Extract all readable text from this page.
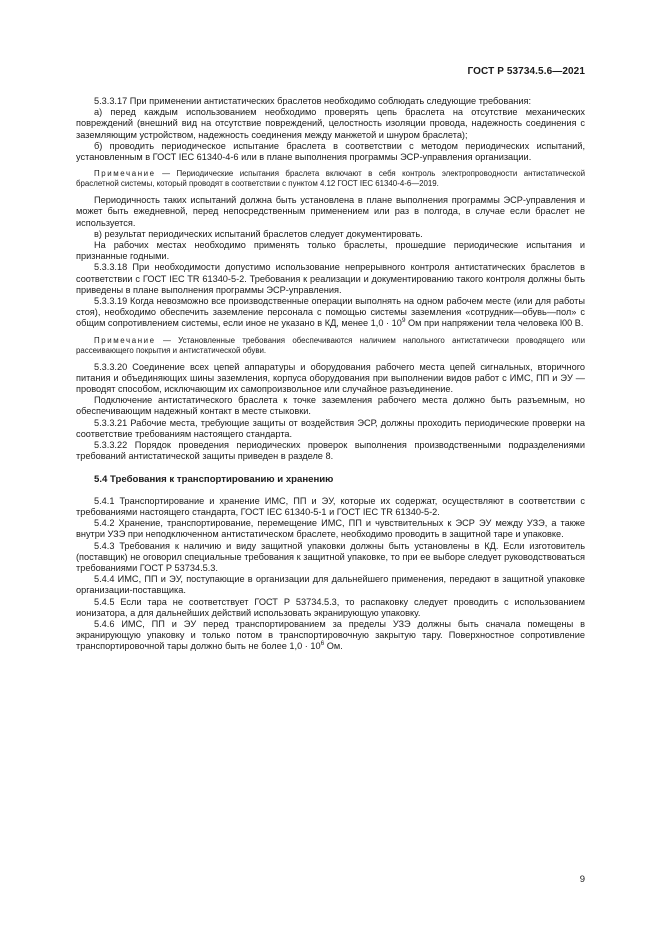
ГОСТ Р 53734.5.6—2021

5.3.3.17 При применении антистатических браслетов необходимо соблюдать следующие требования:

а) перед каждым использованием необходимо проверять цепь браслета на отсутствие механических повреждений (внешний вид на отсутствие повреждений, целостность изоляции провода, надежность соединения с заземляющим устройством, надежность соединения между манжетой и шнуром браслета);

б) проводить периодическое испытание браслета в соответствии с методом периодических испытаний, установленным в ГОСТ IEC 61340-4-6 или в плане выполнения программы ЭСР-управления организации.

Примечание — Периодические испытания браслета включают в себя контроль электропроводности антистатической браслетной системы, который проводят в соответствии с пунктом 4.12 ГОСТ IEC 61340-4-6—2019.

Периодичность таких испытаний должна быть установлена в плане выполнения программы ЭСР-управления и может быть ежедневной, перед непосредственным применением или раз в полгода, в случае если браслет не используется.

в) результат периодических испытаний браслетов следует документировать.

На рабочих местах необходимо применять только браслеты, прошедшие периодические испытания и признанные годными.

5.3.3.18 При необходимости допустимо использование непрерывного контроля антистатических браслетов в соответствии с ГОСТ IEC TR 61340-5-2. Требования к реализации и документированию такого контроля должны быть приведены в плане выполнения программы ЭСР-управления.

5.3.3.19 Когда невозможно все производственные операции выполнять на одном рабочем месте (или для работы стоя), необходимо обеспечить заземление персонала с помощью системы заземления «сотрудник—обувь—пол» с общим сопротивлением системы, если иное не указано в КД, менее $1,0 \cdot 10^9$ Ом при напряжении тела человека l00 В.

Примечание — Установленные требования обеспечиваются наличием напольного антистатически проводящего или рассеивающего покрытия и антистатической обуви.

5.3.3.20 Соединение всех цепей аппаратуры и оборудования рабочего места цепей сигнальных, вторичного питания и объединяющих шины заземления, корпуса оборудования при выполнении видов работ с ИМС, ПП и ЭУ — проводят способом, исключающим их самопроизвольное или случайное разъединение.

Подключение антистатического браслета к точке заземления рабочего места должно быть разъемным, но обеспечивающим надежный контакт в месте стыковки.

5.3.3.21 Рабочие места, требующие защиты от воздействия ЭСР, должны проходить периодические проверки на соответствие требованиям настоящего стандарта.

5.3.3.22 Порядок проведения периодических проверок выполнения производственными подразделениями требований антистатической защиты приведен в разделе 8.

5.4 Требования к транспортированию и хранению

5.4.1 Транспортирование и хранение ИМС, ПП и ЭУ, которые их содержат, осуществляют в соответствии с требованиями настоящего стандарта, ГОСТ IEC 61340-5-1 и ГОСТ IEC TR 61340-5-2.

5.4.2 Хранение, транспортирование, перемещение ИМС, ПП и чувствительных к ЭСР ЭУ между УЗЭ, а также внутри УЗЭ при неподключенном антистатическом браслете, необходимо проводить в защитной таре и упаковке.

5.4.3 Требования к наличию и виду защитной упаковки должны быть установлены в КД. Если изготовитель (поставщик) не оговорил специальные требования к защитной упаковке, то при ее выборе следует руководствоваться требованиями ГОСТ Р 53734.5.3.

5.4.4 ИМС, ПП и ЭУ, поступающие в организации для дальнейшего применения, передают в защитной упаковке организации-поставщика.

5.4.5 Если тара не соответствует ГОСТ Р 53734.5.3, то распаковку следует проводить с использованием ионизатора, а для дальнейших действий использовать экранирующую упаковку.

5.4.6 ИМС, ПП и ЭУ перед транспортированием за пределы УЗЭ должны быть сначала помещены в экранирующую упаковку и только потом в транспортировочную закрытую тару. Поверхностное сопротивление транспортировочной тары должно быть не более $1,0 \cdot 10^6$ Ом.

9
